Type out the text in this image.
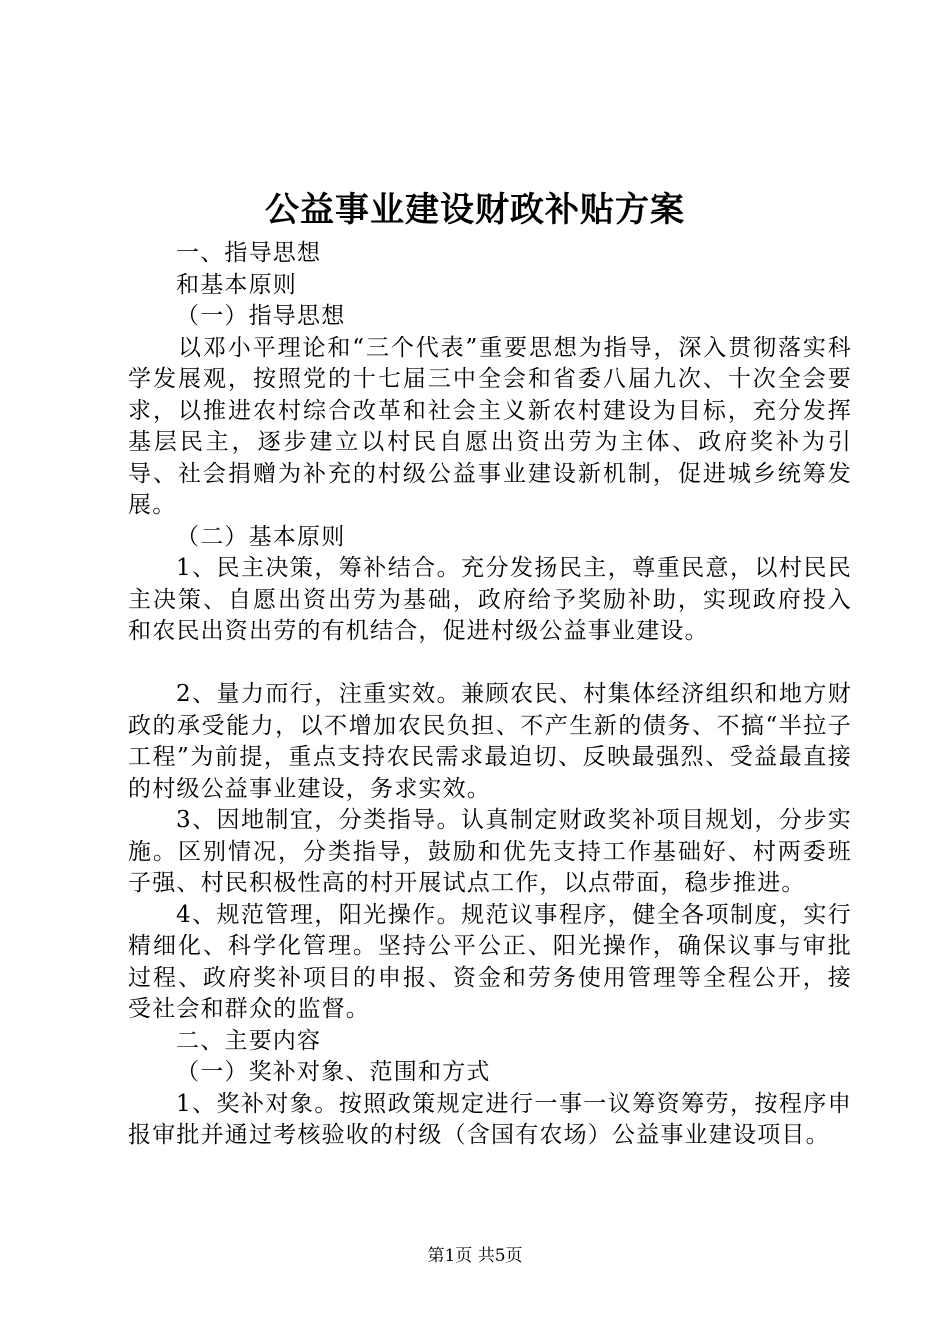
公益事业建设财政补贴方案

一、指导思想

和基本原则

（一）指导思想

以邓小平理论和“三个代表”重要思想为指导，深入贯彻落实科学发展观，按照党的十七届三中全会和省委八届九次、十次全会要求，以推进农村综合改革和社会主义新农村建设为目标，充分发挥基层民主，逐步建立以村民自愿出资出劳为主体、政府奖补为引导、社会捐赠为补充的村级公益事业建设新机制，促进城乡统筹发展。

（二）基本原则

1、民主决策，筹补结合。充分发扬民主，尊重民意，以村民民主决策、自愿出资出劳为基础，政府给予奖励补助，实现政府投入和农民出资出劳的有机结合，促进村级公益事业建设。

2、量力而行，注重实效。兼顾农民、村集体经济组织和地方财政的承受能力，以不增加农民负担、不产生新的债务、不搞“半拉子工程”为前提，重点支持农民需求最迫切、反映最强烈、受益最直接的村级公益事业建设，务求实效。

3、因地制宜，分类指导。认真制定财政奖补项目规划，分步实施。区别情况，分类指导，鼓励和优先支持工作基础好、村两委班子强、村民积极性高的村开展试点工作，以点带面，稳步推进。

4、规范管理，阳光操作。规范议事程序，健全各项制度，实行精细化、科学化管理。坚持公平公正、阳光操作，确保议事与审批过程、政府奖补项目的申报、资金和劳务使用管理等全程公开，接受社会和群众的监督。

二、主要内容

（一）奖补对象、范围和方式

1、奖补对象。按照政策规定进行一事一议筹资筹劳，按程序申报审批并通过考核验收的村级（含国有农场）公益事业建设项目。

第1页 共5页
